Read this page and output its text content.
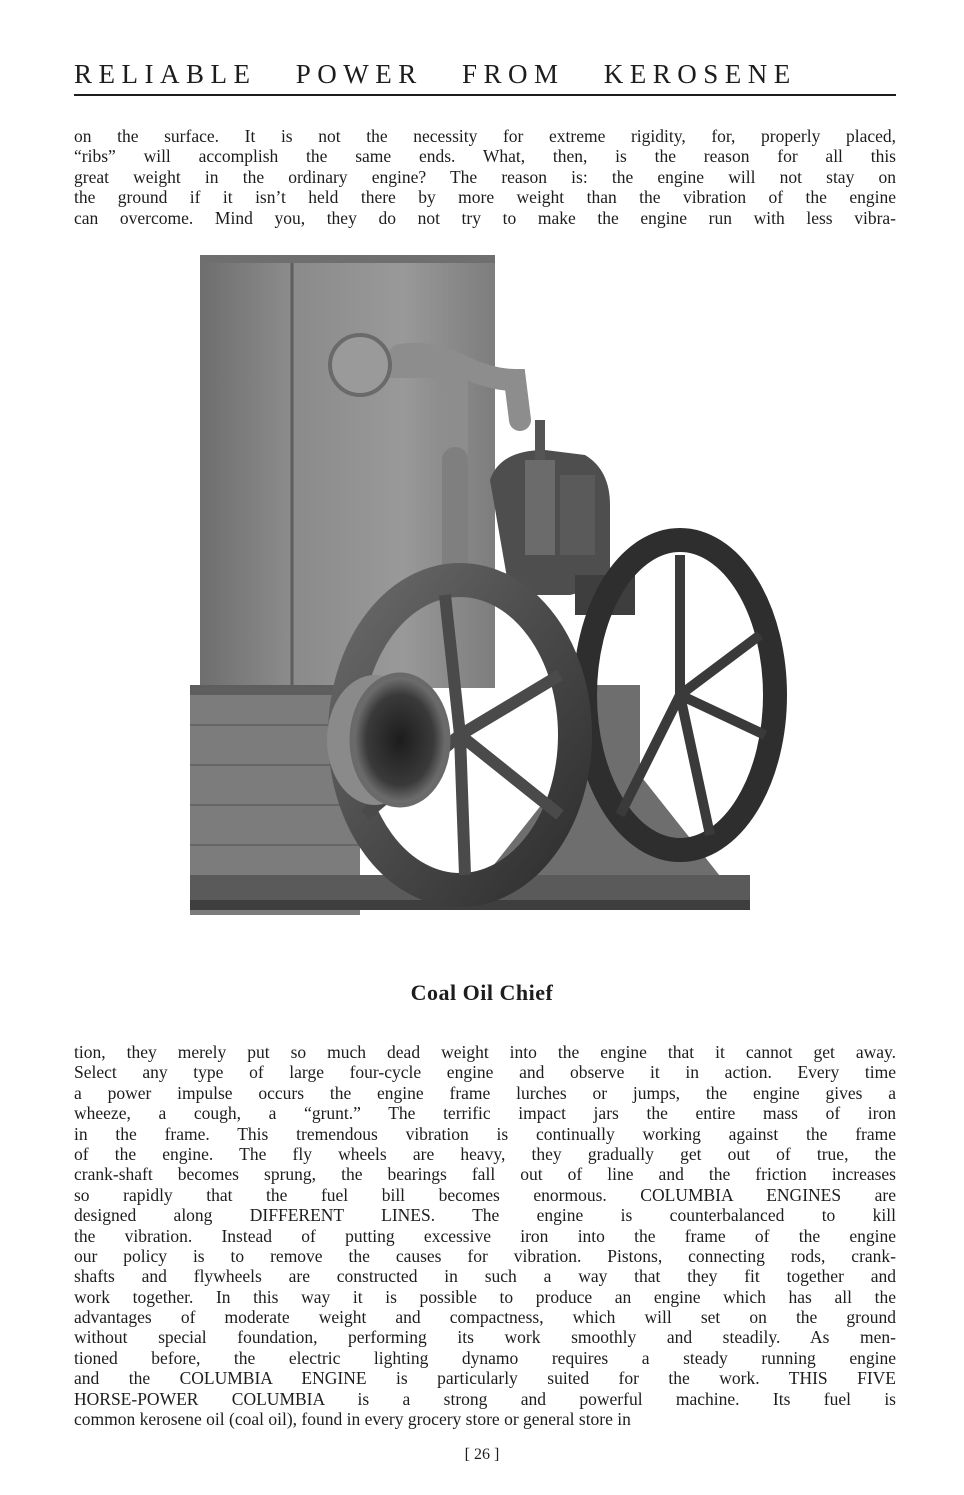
RELIABLE POWER FROM KEROSENE
on the surface. It is not the necessity for extreme rigidity, for, properly placed,
“ribs” will accomplish the same ends. What, then, is the reason for all this
great weight in the ordinary engine? The reason is: the engine will not stay on
the ground if it isn’t held there by more weight than the vibration of the engine
can overcome. Mind you, they do not try to make the engine run with less vibra-
Coal Oil Chief
tion, they merely put so much dead weight into the engine that it cannot get away.
Select any type of large four-cycle engine and observe it in action. Every time
a power impulse occurs the engine frame lurches or jumps, the engine gives a
wheeze, a cough, a “grunt.” The terrific impact jars the entire mass of iron
in the frame. This tremendous vibration is continually working against the frame
of the engine. The fly wheels are heavy, they gradually get out of true, the
crank-shaft becomes sprung, the bearings fall out of line and the friction increases
so rapidly that the fuel bill becomes enormous. COLUMBIA ENGINES are
designed along DIFFERENT LINES. The engine is counterbalanced to kill
the vibration. Instead of putting excessive iron into the frame of the engine
our policy is to remove the causes for vibration. Pistons, connecting rods, crank-
shafts and flywheels are constructed in such a way that they fit together and
work together. In this way it is possible to produce an engine which has all the
advantages of moderate weight and compactness, which will set on the ground
without special foundation, performing its work smoothly and steadily. As men-
tioned before, the electric lighting dynamo requires a steady running engine
and the COLUMBIA ENGINE is particularly suited for the work. THIS FIVE
HORSE-POWER COLUMBIA is a strong and powerful machine. Its fuel is
common kerosene oil (coal oil), found in every grocery store or general store in
[ 26 ]
